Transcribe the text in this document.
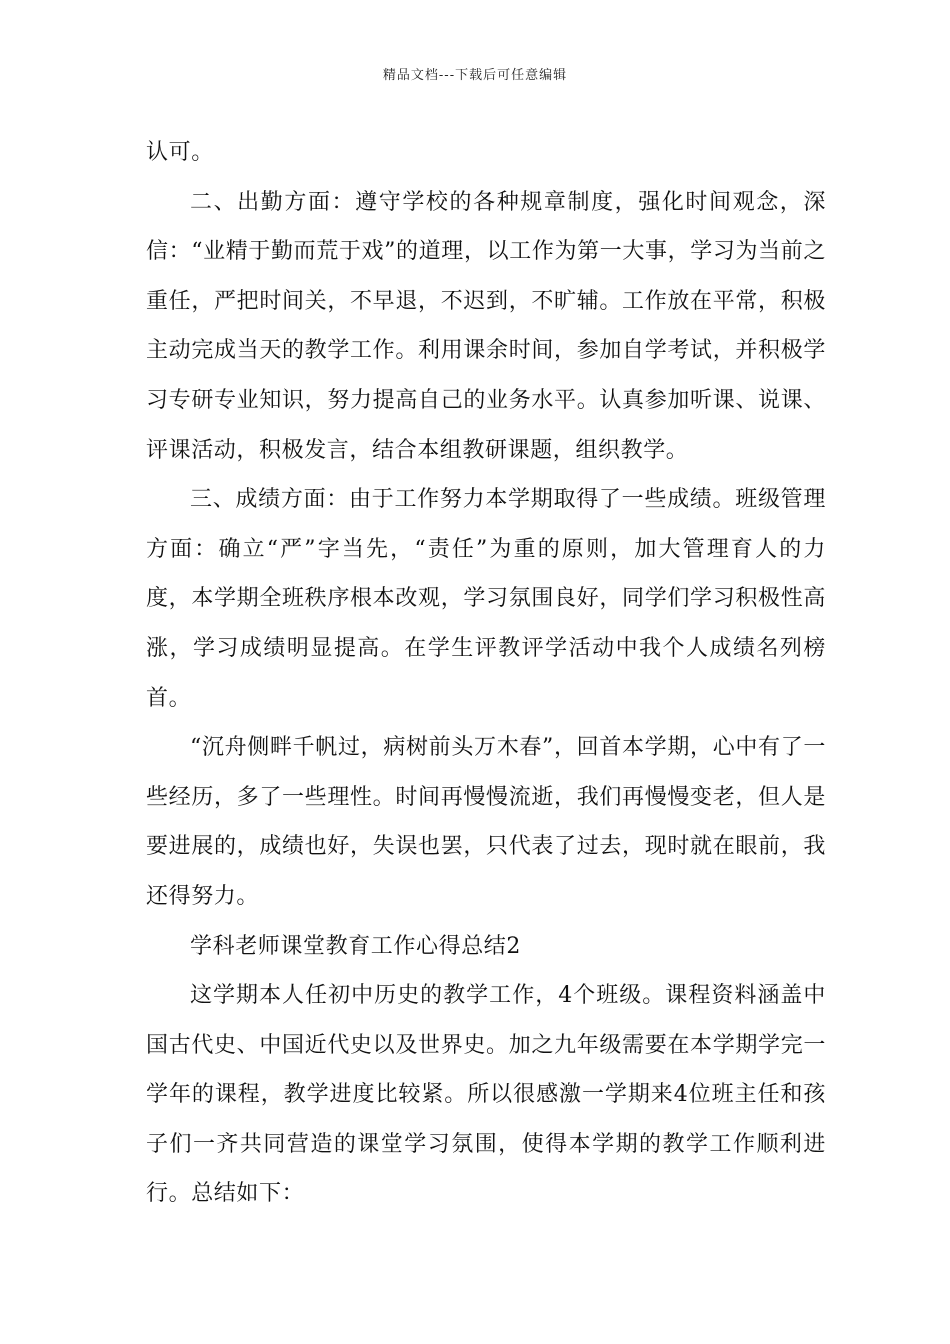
精品文档---下载后可任意编辑

认可。

二、出勤方面：遵守学校的各种规章制度，强化时间观念，深信：“业精于勤而荒于戏”的道理，以工作为第一大事，学习为当前之重任，严把时间关，不早退，不迟到，不旷辅。工作放在平常，积极主动完成当天的教学工作。利用课余时间，参加自学考试，并积极学习专研专业知识，努力提高自己的业务水平。认真参加听课、说课、评课活动，积极发言，结合本组教研课题，组织教学。

三、成绩方面：由于工作努力本学期取得了一些成绩。班级管理方面：确立“严”字当先，“责任”为重的原则，加大管理育人的力度，本学期全班秩序根本改观，学习氛围良好，同学们学习积极性高涨，学习成绩明显提高。在学生评教评学活动中我个人成绩名列榜首。

“沉舟侧畔千帆过，病树前头万木春”，回首本学期，心中有了一些经历，多了一些理性。时间再慢慢流逝，我们再慢慢变老，但人是要进展的，成绩也好，失误也罢，只代表了过去，现时就在眼前，我还得努力。

学科老师课堂教育工作心得总结2

这学期本人任初中历史的教学工作，4个班级。课程资料涵盖中国古代史、中国近代史以及世界史。加之九年级需要在本学期学完一学年的课程，教学进度比较紧。所以很感激一学期来4位班主任和孩子们一齐共同营造的课堂学习氛围，使得本学期的教学工作顺利进行。总结如下：
